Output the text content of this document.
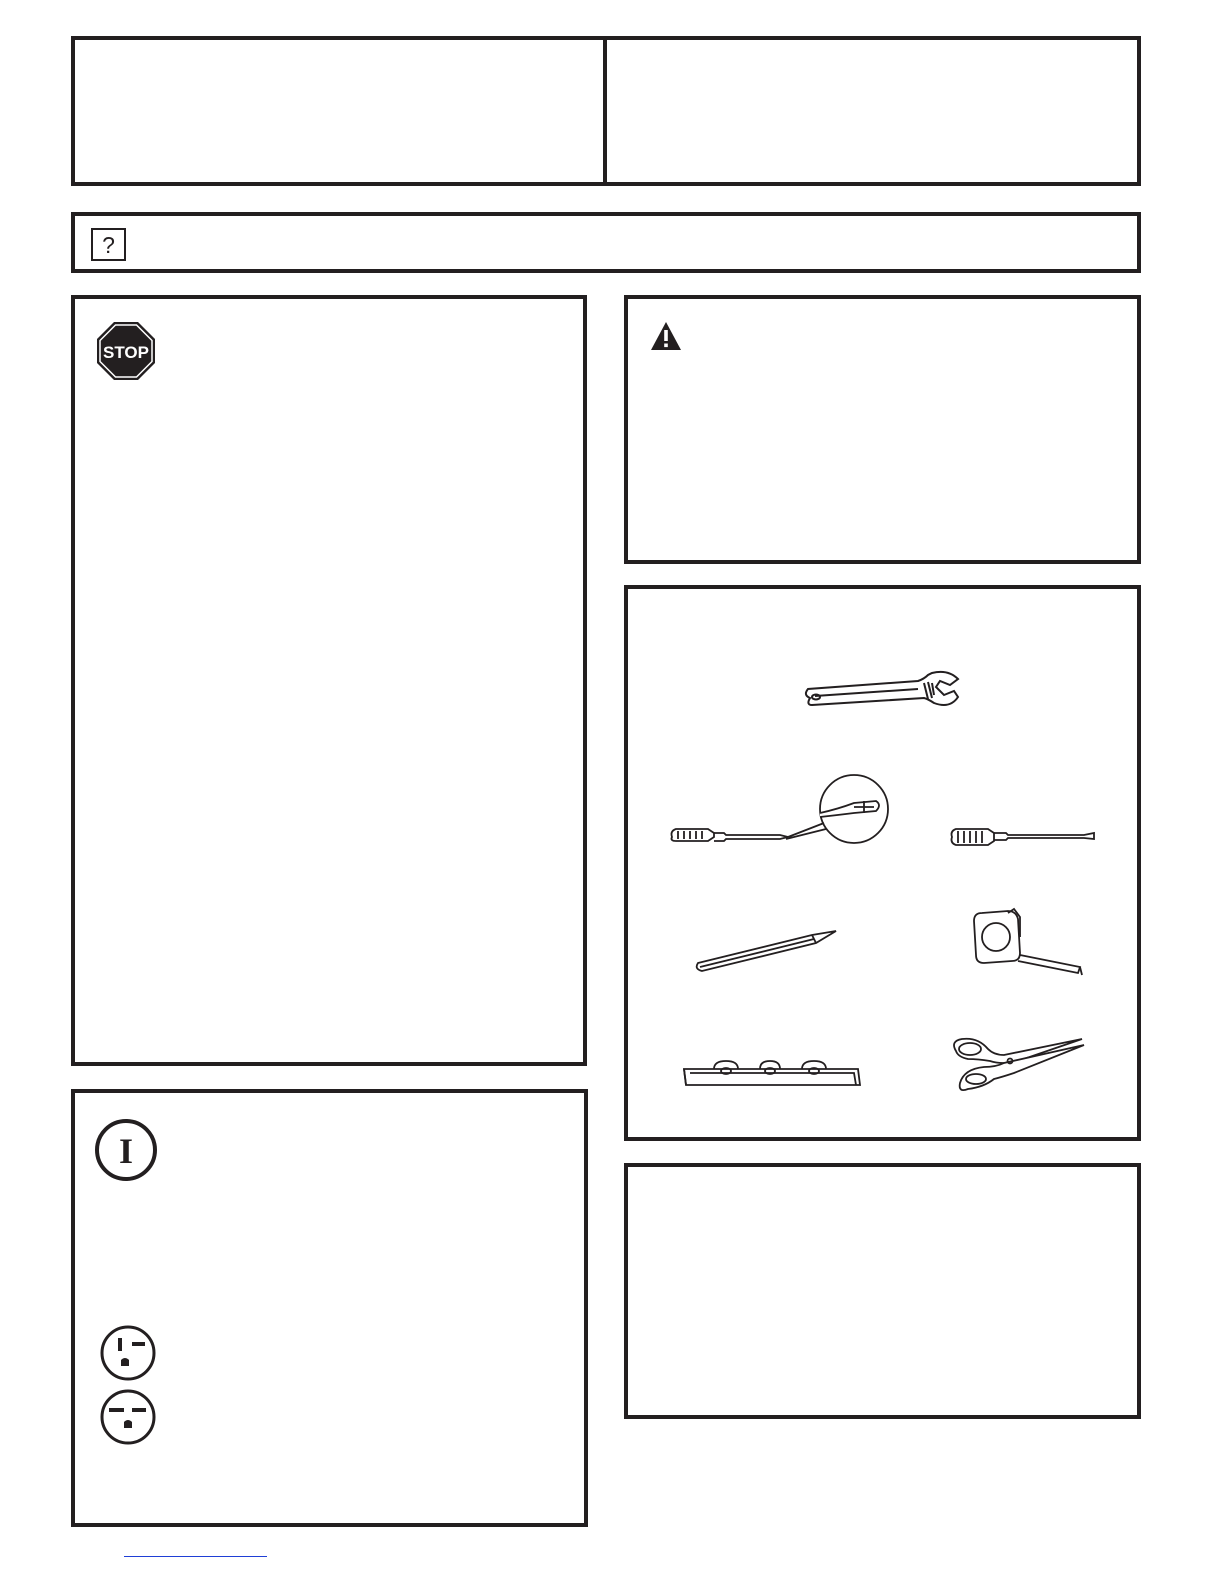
?
STOP
I
